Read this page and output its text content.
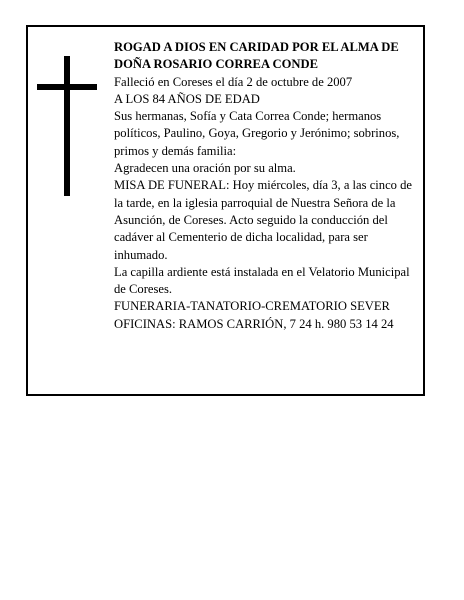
ROGAD A DIOS EN CARIDAD POR EL ALMA DE

DOÑA ROSARIO CORREA CONDE

Falleció en Coreses el día 2 de octubre de 2007

A LOS 84 AÑOS DE EDAD

Sus hermanas, Sofía y Cata Correa Conde; hermanos políticos, Paulino, Goya, Gregorio y Jerónimo; sobrinos, primos y demás familia:

Agradecen una oración por su alma.

MISA DE FUNERAL: Hoy miércoles, día 3, a las cinco de la tarde, en la iglesia parroquial de Nuestra Señora de la Asunción, de Coreses. Acto seguido la conducción del cadáver al Cementerio de dicha localidad, para ser inhumado.

La capilla ardiente está instalada en el Velatorio Municipal de Coreses.

FUNERARIA-TANATORIO-CREMATORIO SEVER

OFICINAS: RAMOS CARRIÓN, 7 24 h. 980 53 14 24
